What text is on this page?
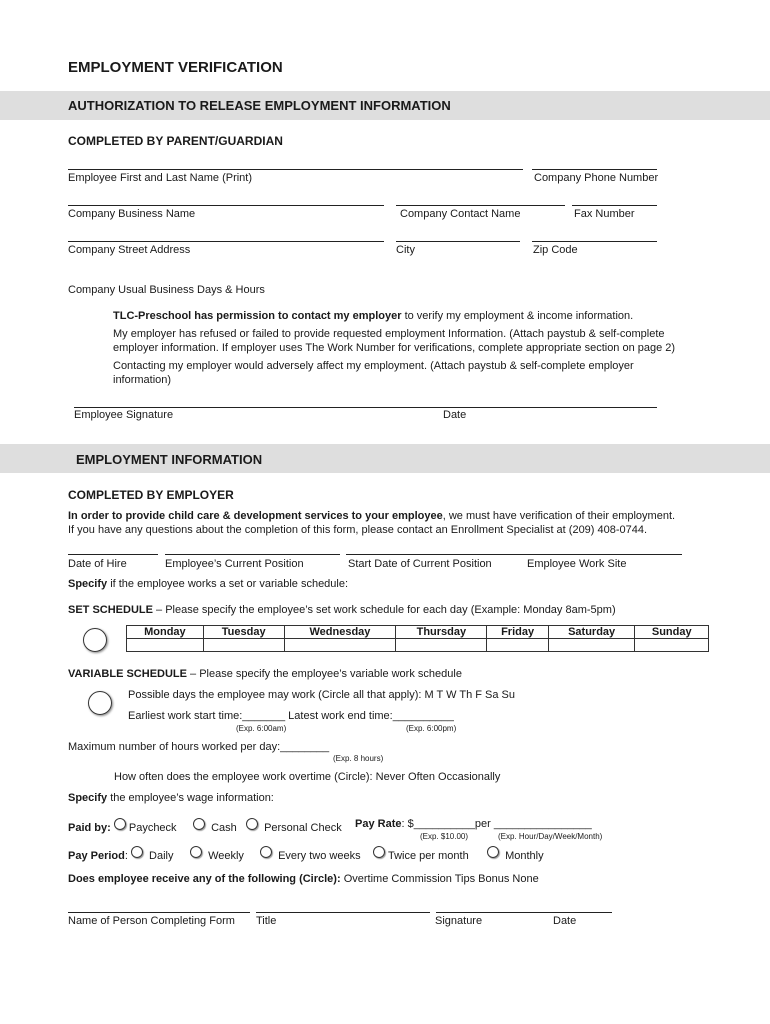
EMPLOYMENT VERIFICATION
AUTHORIZATION TO RELEASE EMPLOYMENT INFORMATION
COMPLETED BY PARENT/GUARDIAN
Employee First and Last Name (Print)	Company Phone Number
Company Business Name	Company Contact Name	Fax Number
Company Street Address	City	Zip Code
Company Usual Business Days & Hours
TLC-Preschool has permission to contact my employer to verify my employment & income information.
My employer has refused or failed to provide requested employment Information. (Attach paystub & self-complete
employer information. If employer uses The Work Number for verifications, complete appropriate section on page 2)
Contacting my employer would adversely affect my employment. (Attach paystub & self-complete employer
information)
Employee Signature	Date
EMPLOYMENT INFORMATION
COMPLETED BY EMPLOYER
In order to provide child care & development services to your employee, we must have verification of their employment.
If you have any questions about the completion of this form, please contact an Enrollment Specialist at (209) 408-0744.
Date of Hire	Employee’s Current Position	Start Date of Current Position	Employee Work Site
Specify if the employee works a set or variable schedule:
SET SCHEDULE – Please specify the employee’s set work schedule for each day (Example: Monday 8am-5pm)
Monday	Tuesday	Wednesday	Thursday	Friday	Saturday	Sunday

VARIABLE SCHEDULE – Please specify the employee’s variable work schedule
Possible days the employee may work (Circle all that apply): M T W Th F Sa Su
Earliest work start time:_______ Latest work end time:__________
(Exp. 6:00am)	(Exp. 6:00pm)
Maximum number of hours worked per day:________
(Exp. 8 hours)
How often does the employee work overtime (Circle): Never Often Occasionally
Specify the employee’s wage information:
Paid by: Paycheck	Cash	Personal Check Pay Rate: $__________per ________________
(Exp. $10.00)	(Exp. Hour/Day/Week/Month)
Pay Period: Daily	Weekly	Every two weeks	Twice per month	Monthly
Does employee receive any of the following (Circle): Overtime Commission Tips Bonus None
Name of Person Completing Form Title	Signature	Date
